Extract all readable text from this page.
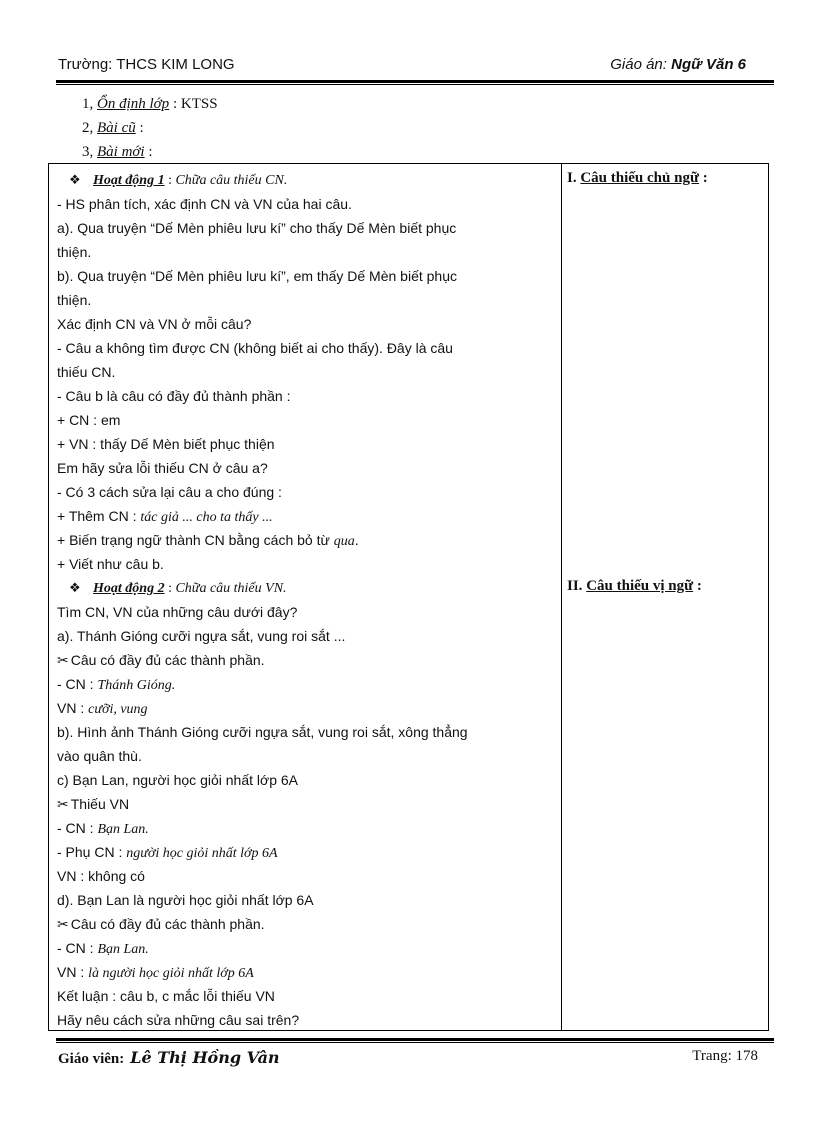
Trường: THCS KIM LONG	Giáo án: Ngữ Văn 6
1, Ổn định lớp : KTSS
2, Bài cũ :
3, Bài mới :
❖ Hoạt động 1 : Chữa câu thiếu CN.
- HS phân tích, xác định CN và VN của hai câu.
a). Qua truyện “Dế Mèn phiêu lưu kí” cho thấy Dế Mèn biết phục
thiện.
b). Qua truyện “Dế Mèn phiêu lưu kí”, em thấy Dế Mèn biết phục
thiện.
Xác định CN và VN ở mỗi câu?
- Câu a không tìm được CN (không biết ai cho thấy). Đây là câu
thiếu CN.
- Câu b là câu có đầy đủ thành phần :
+ CN : em
+ VN : thấy Dế Mèn biết phục thiện
Em hãy sửa lỗi thiếu CN ở câu a?
- Có 3 cách sửa lại câu a cho đúng :
+ Thêm CN : tác giả ... cho ta thấy ...
+ Biến trạng ngữ thành CN bằng cách bỏ từ qua.
+ Viết như câu b.
❖ Hoạt động 2 : Chữa câu thiếu VN.
Tìm CN, VN của những câu dưới đây?
a). Thánh Gióng cưỡi ngựa sắt, vung roi sắt ...
✂ Câu có đầy đủ các thành phần.
- CN : Thánh Gióng.
VN : cưỡi, vung
b). Hình ảnh Thánh Gióng cưỡi ngựa sắt, vung roi sắt, xông thẳng
vào quân thù.
c) Bạn Lan, người học giỏi nhất lớp 6A
✂ Thiếu VN
- CN : Bạn Lan.
- Phụ CN : người học giỏi nhất lớp 6A
VN : không có
d). Bạn Lan là người học giỏi nhất lớp 6A
✂ Câu có đầy đủ các thành phần.
- CN : Bạn Lan.
VN : là người học giỏi nhất lớp 6A
Kết luận : câu b, c mắc lỗi thiếu VN
Hãy nêu cách sửa những câu sai trên?
I. Câu thiếu chủ ngữ :
II. Câu thiếu vị ngữ :
Giáo viên: Lê Thị Hồng Vân	Trang: 178
